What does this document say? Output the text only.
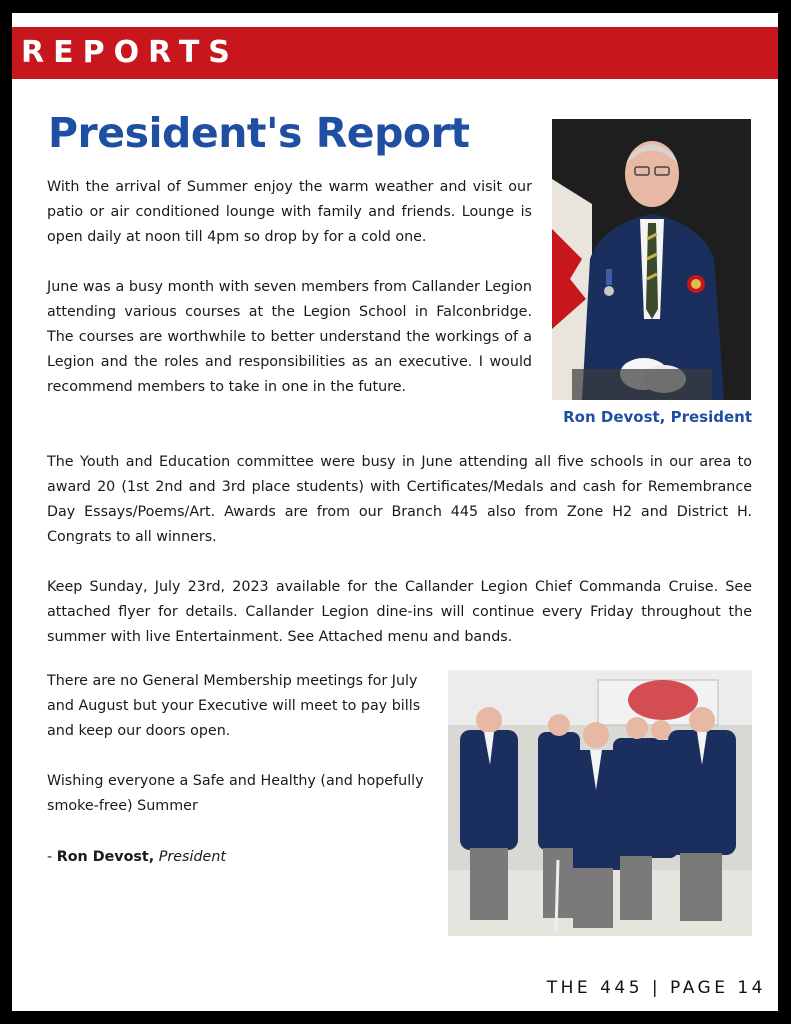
REPORTS
President's Report

With the arrival of Summer enjoy the warm weather and visit our patio or air conditioned lounge with family and friends. Lounge is open daily at noon till 4pm so drop by for a cold one.

June was a busy month with seven members from Callander Legion attending various courses at the Legion School in Falconbridge. The courses are worthwhile to better understand the workings of a Legion and the roles and responsibilities as an executive. I would recommend members to take in one in the future.

The Youth and Education committee were busy in June attending all five schools in our area to award 20 (1st 2nd and 3rd place students) with Certificates/Medals and cash for Remembrance Day Essays/Poems/Art. Awards are from our Branch 445 also from Zone H2 and District H. Congrats to all winners.

Keep Sunday, July 23rd, 2023 available for the Callander Legion Chief Commanda Cruise. See attached flyer for details. Callander Legion dine-ins will continue every Friday throughout the summer with live Entertainment. See Attached menu and bands.

There are no General Membership meetings for July and August but your Executive will meet to pay bills and keep our doors open.

Wishing everyone a Safe and Healthy (and hopefully smoke-free) Summer

- Ron Devost, President

Ron Devost, President
THE 445 | PAGE 14
